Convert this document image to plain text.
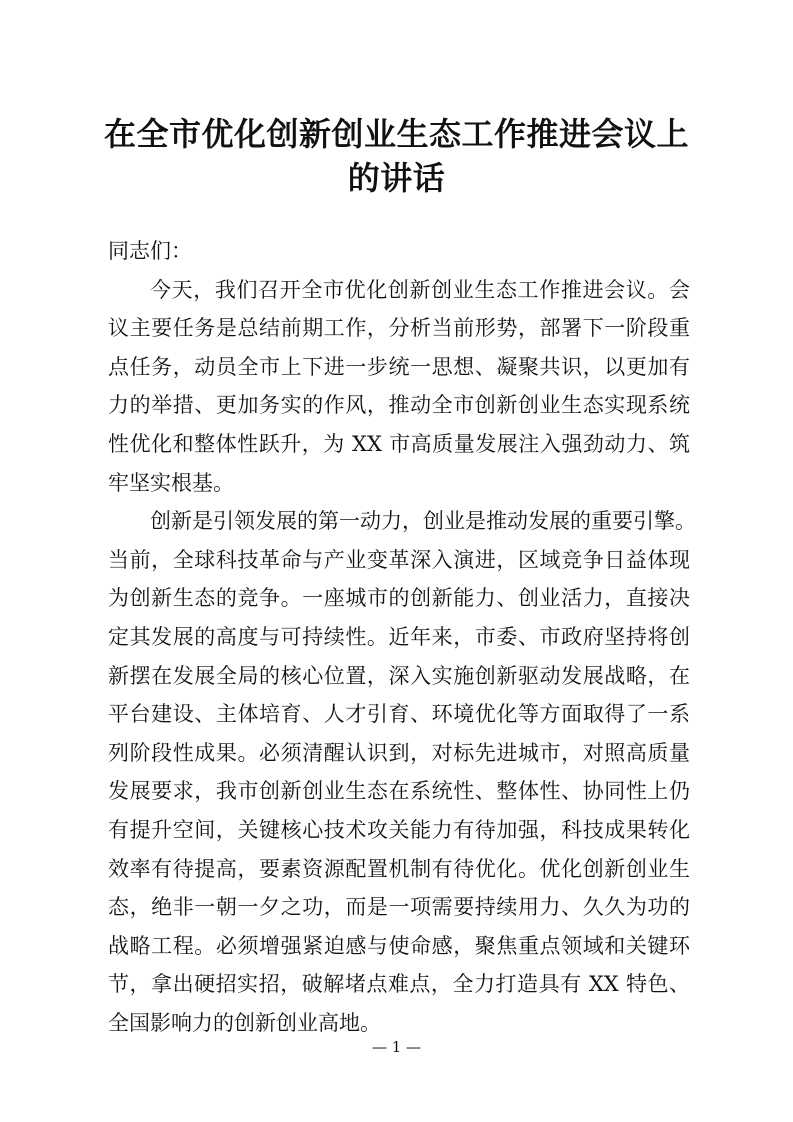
在全市优化创新创业生态工作推进会议上
的讲话
同志们：
今天，我们召开全市优化创新创业生态工作推进会议。会
议主要任务是总结前期工作，分析当前形势，部署下一阶段重
点任务，动员全市上下进一步统一思想、凝聚共识，以更加有
力的举措、更加务实的作风，推动全市创新创业生态实现系统
性优化和整体性跃升，为 XX 市高质量发展注入强劲动力、筑
牢坚实根基。
创新是引领发展的第一动力，创业是推动发展的重要引擎。
当前，全球科技革命与产业变革深入演进，区域竞争日益体现
为创新生态的竞争。一座城市的创新能力、创业活力，直接决
定其发展的高度与可持续性。近年来，市委、市政府坚持将创
新摆在发展全局的核心位置，深入实施创新驱动发展战略，在
平台建设、主体培育、人才引育、环境优化等方面取得了一系
列阶段性成果。必须清醒认识到，对标先进城市，对照高质量
发展要求，我市创新创业生态在系统性、整体性、协同性上仍
有提升空间，关键核心技术攻关能力有待加强，科技成果转化
效率有待提高，要素资源配置机制有待优化。优化创新创业生
态，绝非一朝一夕之功，而是一项需要持续用力、久久为功的
战略工程。必须增强紧迫感与使命感，聚焦重点领域和关键环
节，拿出硬招实招，破解堵点难点，全力打造具有 XX 特色、
全国影响力的创新创业高地。
— 1 —
